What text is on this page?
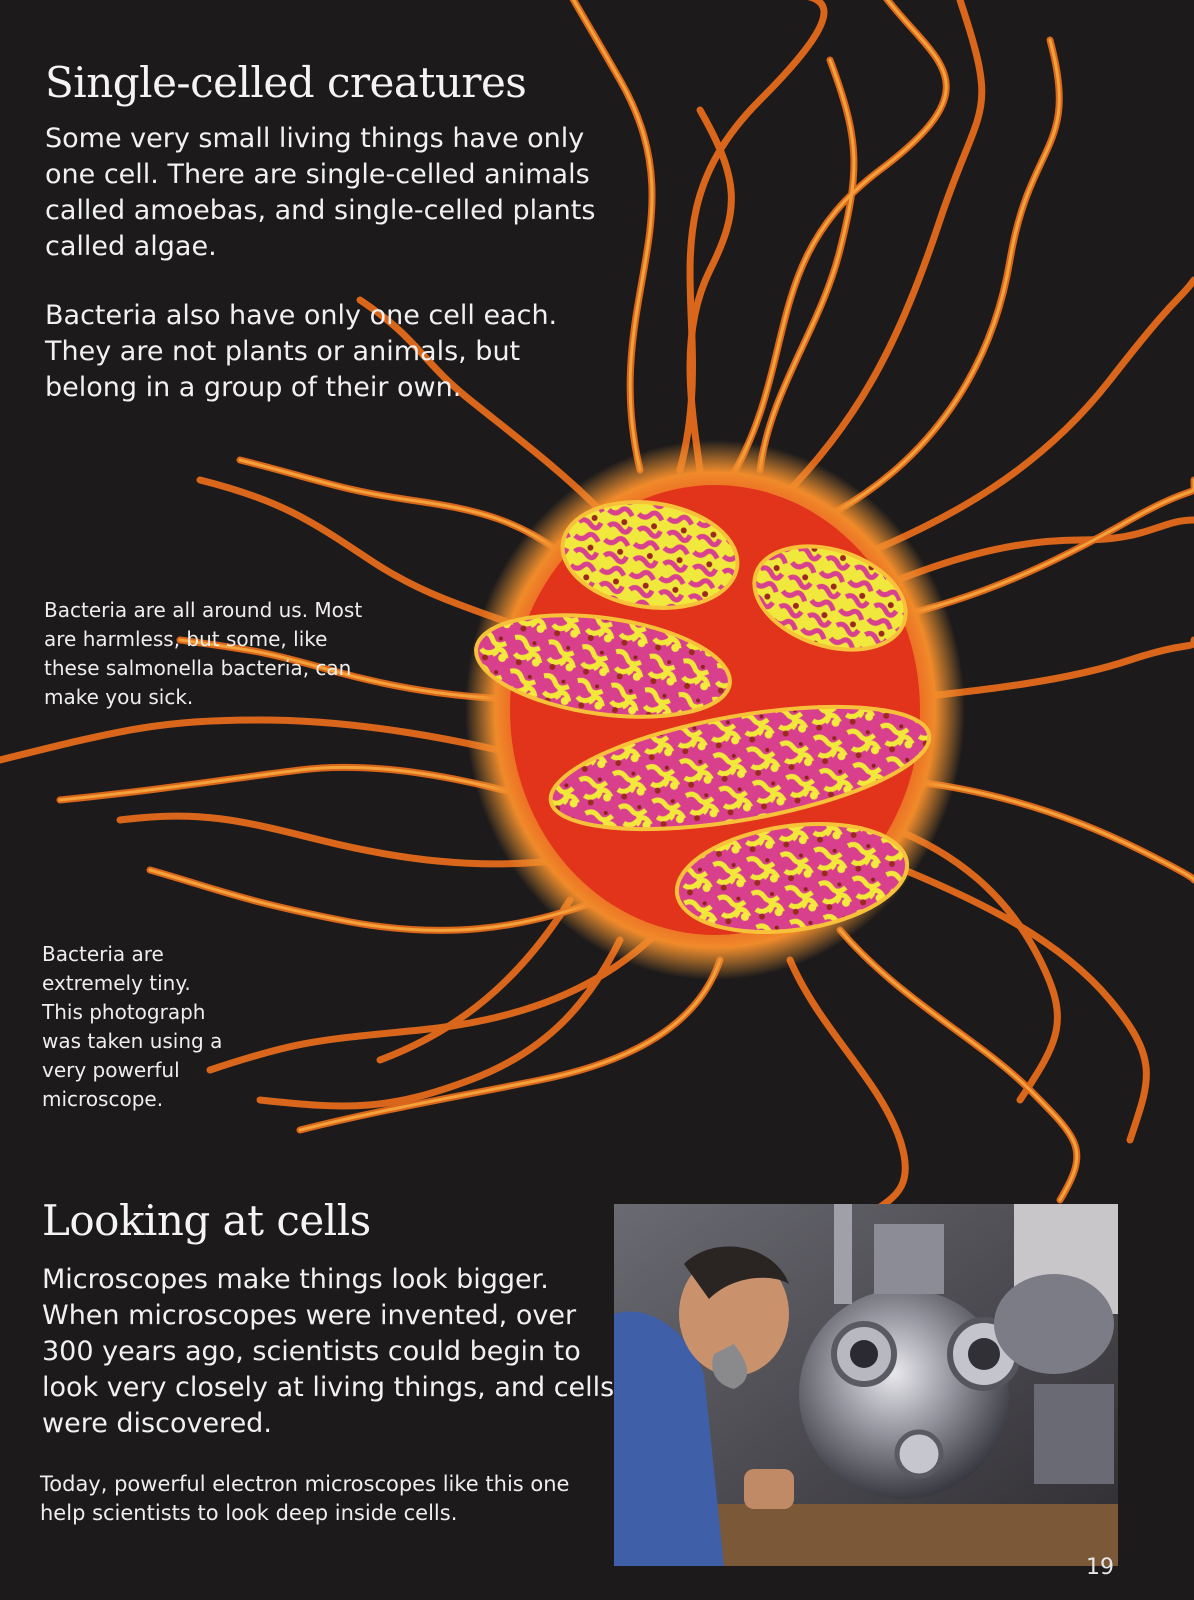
Single-celled creatures

Some very small living things have only one cell. There are single-celled animals called amoebas, and single-celled plants called algae.

Bacteria also have only one cell each. They are not plants or animals, but belong in a group of their own.

Bacteria are all around us. Most are harmless, but some, like these salmonella bacteria, can make you sick.

Bacteria are extremely tiny. This photograph was taken using a very powerful microscope.

Looking at cells

Microscopes make things look bigger. When microscopes were invented, over 300 years ago, scientists could begin to look very closely at living things, and cells were discovered.

Today, powerful electron microscopes like this one help scientists to look deep inside cells.

19
